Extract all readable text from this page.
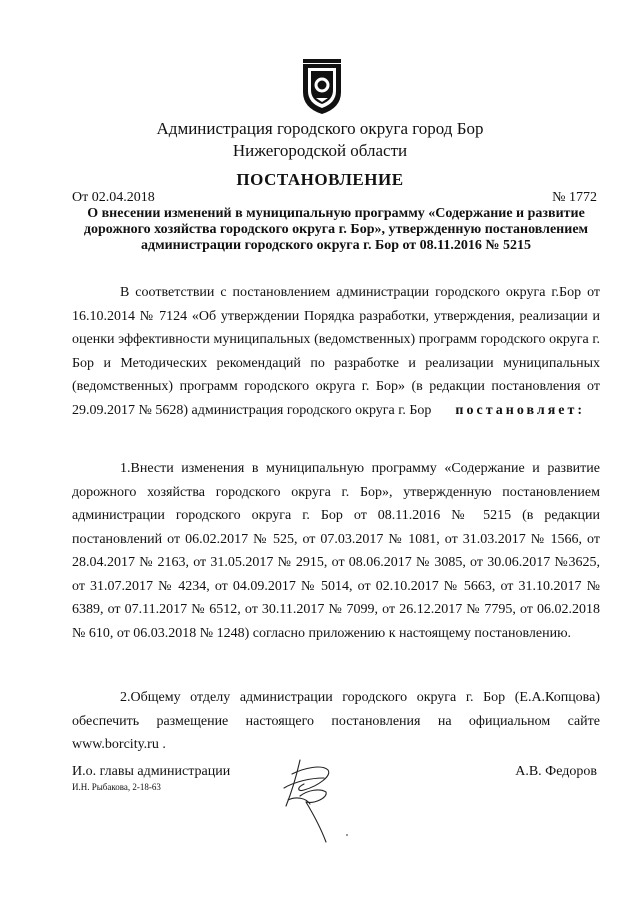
Администрация городского округа город Бор
Нижегородской области
ПОСТАНОВЛЕНИЕ
От 02.04.2018	№ 1772
О внесении изменений в муниципальную программу «Содержание и развитие дорожного хозяйства городского округа г. Бор», утвержденную постановлением администрации городского округа г. Бор от 08.11.2016 № 5215
В соответствии с постановлением администрации городского округа г.Бор от 16.10.2014 № 7124 «Об утверждении Порядка разработки, утверждения, реализации и оценки эффективности муниципальных (ведомственных) программ городского округа г. Бор и Методических рекомендаций по разработке и реализации муниципальных (ведомственных) программ городского округа г. Бор» (в редакции постановления от 29.09.2017 № 5628) администрация городского округа г. Бор постановляет:
1.Внести изменения в муниципальную программу «Содержание и развитие дорожного хозяйства городского округа г. Бор», утвержденную постановлением администрации городского округа г. Бор от 08.11.2016 № 5215 (в редакции постановлений от 06.02.2017 № 525, от 07.03.2017 № 1081, от 31.03.2017 № 1566, от 28.04.2017 № 2163, от 31.05.2017 № 2915, от 08.06.2017 № 3085, от 30.06.2017 №3625, от 31.07.2017 № 4234, от 04.09.2017 № 5014, от 02.10.2017 № 5663, от 31.10.2017 № 6389, от 07.11.2017 № 6512, от 30.11.2017 № 7099, от 26.12.2017 № 7795, от 06.02.2018 № 610, от 06.03.2018 № 1248) согласно приложению к настоящему постановлению.
2.Общему отделу администрации городского округа г. Бор (Е.А.Копцова) обеспечить размещение настоящего постановления на официальном сайте www.borcity.ru .
И.о. главы администрации
И.Н. Рыбакова, 2-18-63
А.В. Федоров
